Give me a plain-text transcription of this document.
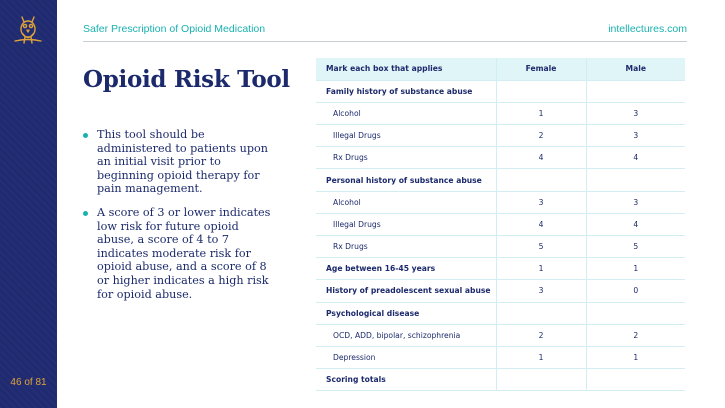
46 of 81
Safer Prescription of Opioid Medication	intellectures.com
Opioid Risk Tool
This tool should be administered to patients upon an initial visit prior to beginning opioid therapy for pain management.
A score of 3 or lower indicates low risk for future opioid abuse, a score of 4 to 7 indicates moderate risk for opioid abuse, and a score of 8 or higher indicates a high risk for opioid abuse.
Mark each box that applies	Female	Male
Family history of substance abuse		
Alcohol	1	3
Illegal Drugs	2	3
Rx Drugs	4	4
Personal history of substance abuse		
Alcohol	3	3
Illegal Drugs	4	4
Rx Drugs	5	5
Age between 16-45 years	1	1
History of preadolescent sexual abuse	3	0
Psychological disease		
OCD, ADD, bipolar, schizophrenia	2	2
Depression	1	1
Scoring totals		
